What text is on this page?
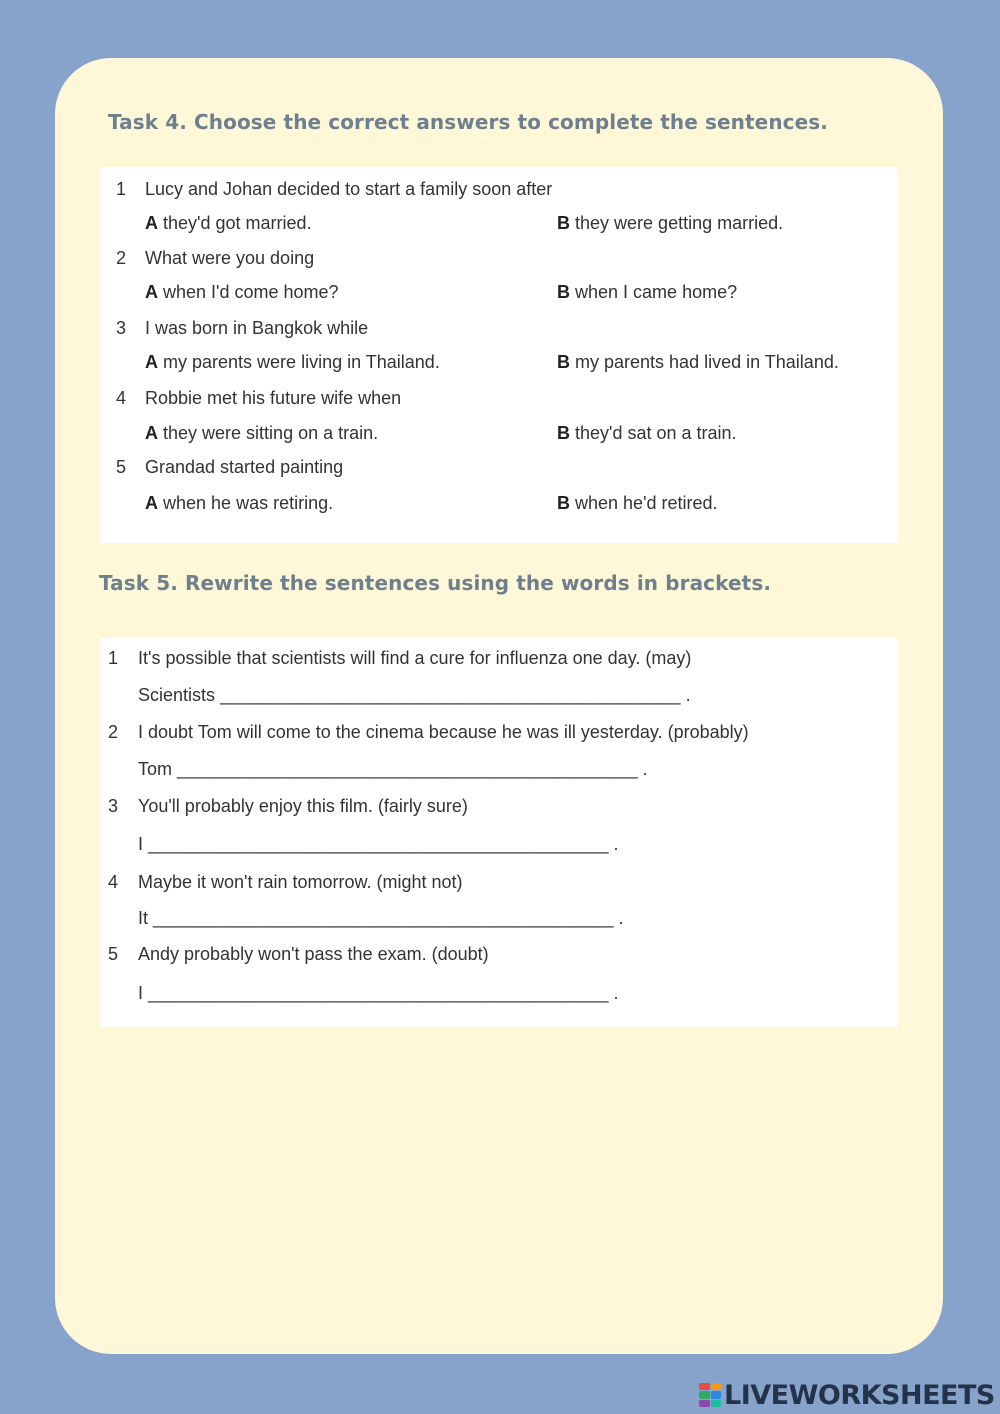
Task 4. Choose the correct answers to complete the sentences.
1 Lucy and Johan decided to start a family soon after
A they'd got married.	B they were getting married.
2 What were you doing
A when I'd come home?	B when I came home?
3 I was born in Bangkok while
A my parents were living in Thailand.	B my parents had lived in Thailand.
4 Robbie met his future wife when
A they were sitting on a train.	B they'd sat on a train.
5 Grandad started painting
A when he was retiring.	B when he'd retired.
Task 5. Rewrite the sentences using the words in brackets.
1 It's possible that scientists will find a cure for influenza one day. (may)
Scientists ______________________________________________ .
2 I doubt Tom will come to the cinema because he was ill yesterday. (probably)
Tom ______________________________________________ .
3 You'll probably enjoy this film. (fairly sure)
I ______________________________________________ .
4 Maybe it won't rain tomorrow. (might not)
It ______________________________________________ .
5 Andy probably won't pass the exam. (doubt)
I ______________________________________________ .
LIVEWORKSHEETS
